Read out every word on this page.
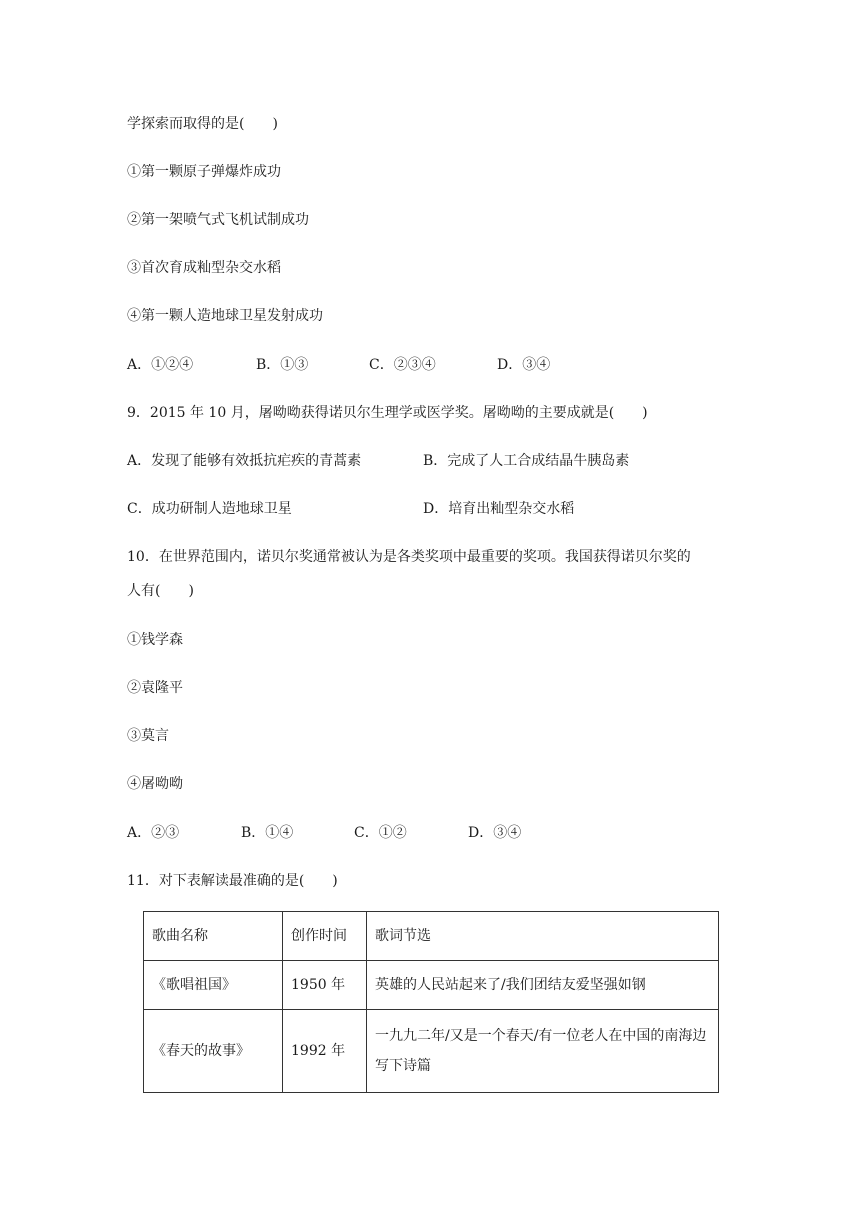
学探索而取得的是(　　)
①第一颗原子弹爆炸成功
②第一架喷气式飞机试制成功
③首次育成籼型杂交水稻
④第一颗人造地球卫星发射成功
A．①②④	B．①③	C．②③④	D．③④
9．2015 年 10 月，屠呦呦获得诺贝尔生理学或医学奖。屠呦呦的主要成就是(　　)
A．发现了能够有效抵抗疟疾的青蒿素	B．完成了人工合成结晶牛胰岛素
C．成功研制人造地球卫星	D．培育出籼型杂交水稻
10．在世界范围内，诺贝尔奖通常被认为是各类奖项中最重要的奖项。我国获得诺贝尔奖的
人有(　　)
①钱学森
②袁隆平
③莫言
④屠呦呦
A．②③	B．①④	C．①②	D．③④
11．对下表解读最准确的是(　　)
歌曲名称	创作时间	歌词节选
《歌唱祖国》	1950 年	英雄的人民站起来了/我们团结友爱坚强如钢
《春天的故事》	1992 年	一九九二年/又是一个春天/有一位老人在中国的南海边写下诗篇
